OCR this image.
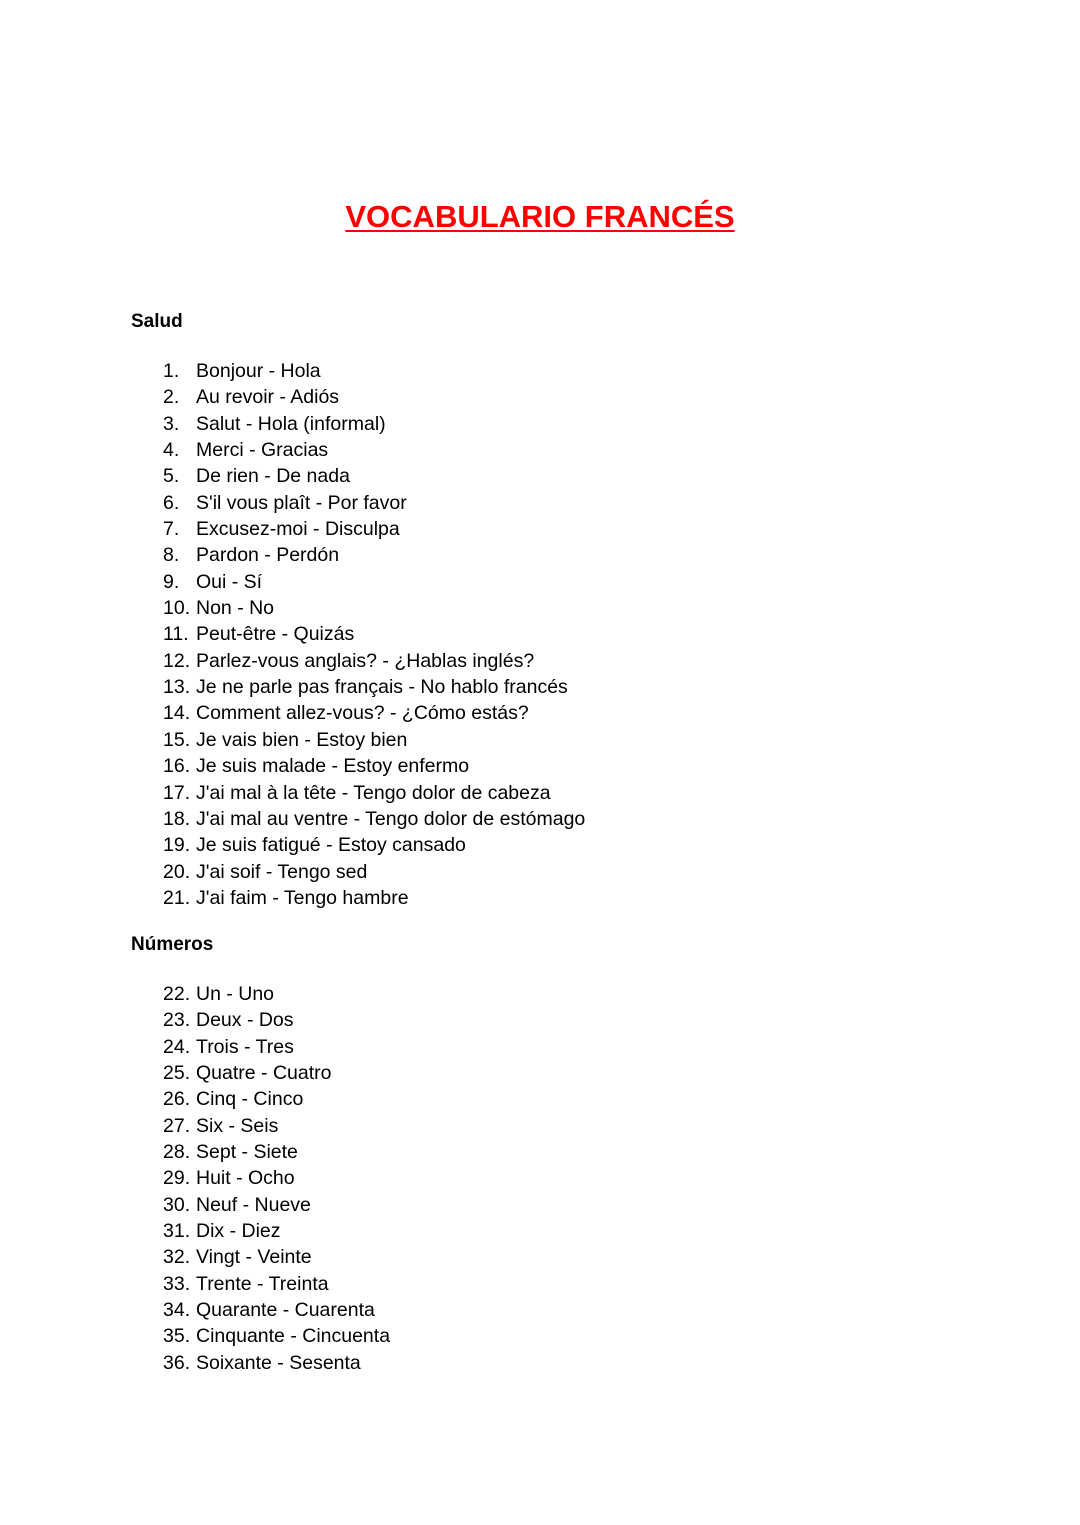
VOCABULARIO FRANCÉS
Salud
1. Bonjour - Hola
2. Au revoir - Adiós
3. Salut - Hola (informal)
4. Merci - Gracias
5. De rien - De nada
6. S'il vous plaît - Por favor
7. Excusez-moi - Disculpa
8. Pardon - Perdón
9. Oui - Sí
10. Non - No
11. Peut-être - Quizás
12. Parlez-vous anglais? - ¿Hablas inglés?
13. Je ne parle pas français - No hablo francés
14. Comment allez-vous? - ¿Cómo estás?
15. Je vais bien - Estoy bien
16. Je suis malade - Estoy enfermo
17. J'ai mal à la tête - Tengo dolor de cabeza
18. J'ai mal au ventre - Tengo dolor de estómago
19. Je suis fatigué - Estoy cansado
20. J'ai soif - Tengo sed
21. J'ai faim - Tengo hambre
Números
22. Un - Uno
23. Deux - Dos
24. Trois - Tres
25. Quatre - Cuatro
26. Cinq - Cinco
27. Six - Seis
28. Sept - Siete
29. Huit - Ocho
30. Neuf - Nueve
31. Dix - Diez
32. Vingt - Veinte
33. Trente - Treinta
34. Quarante - Cuarenta
35. Cinquante - Cincuenta
36. Soixante - Sesenta
